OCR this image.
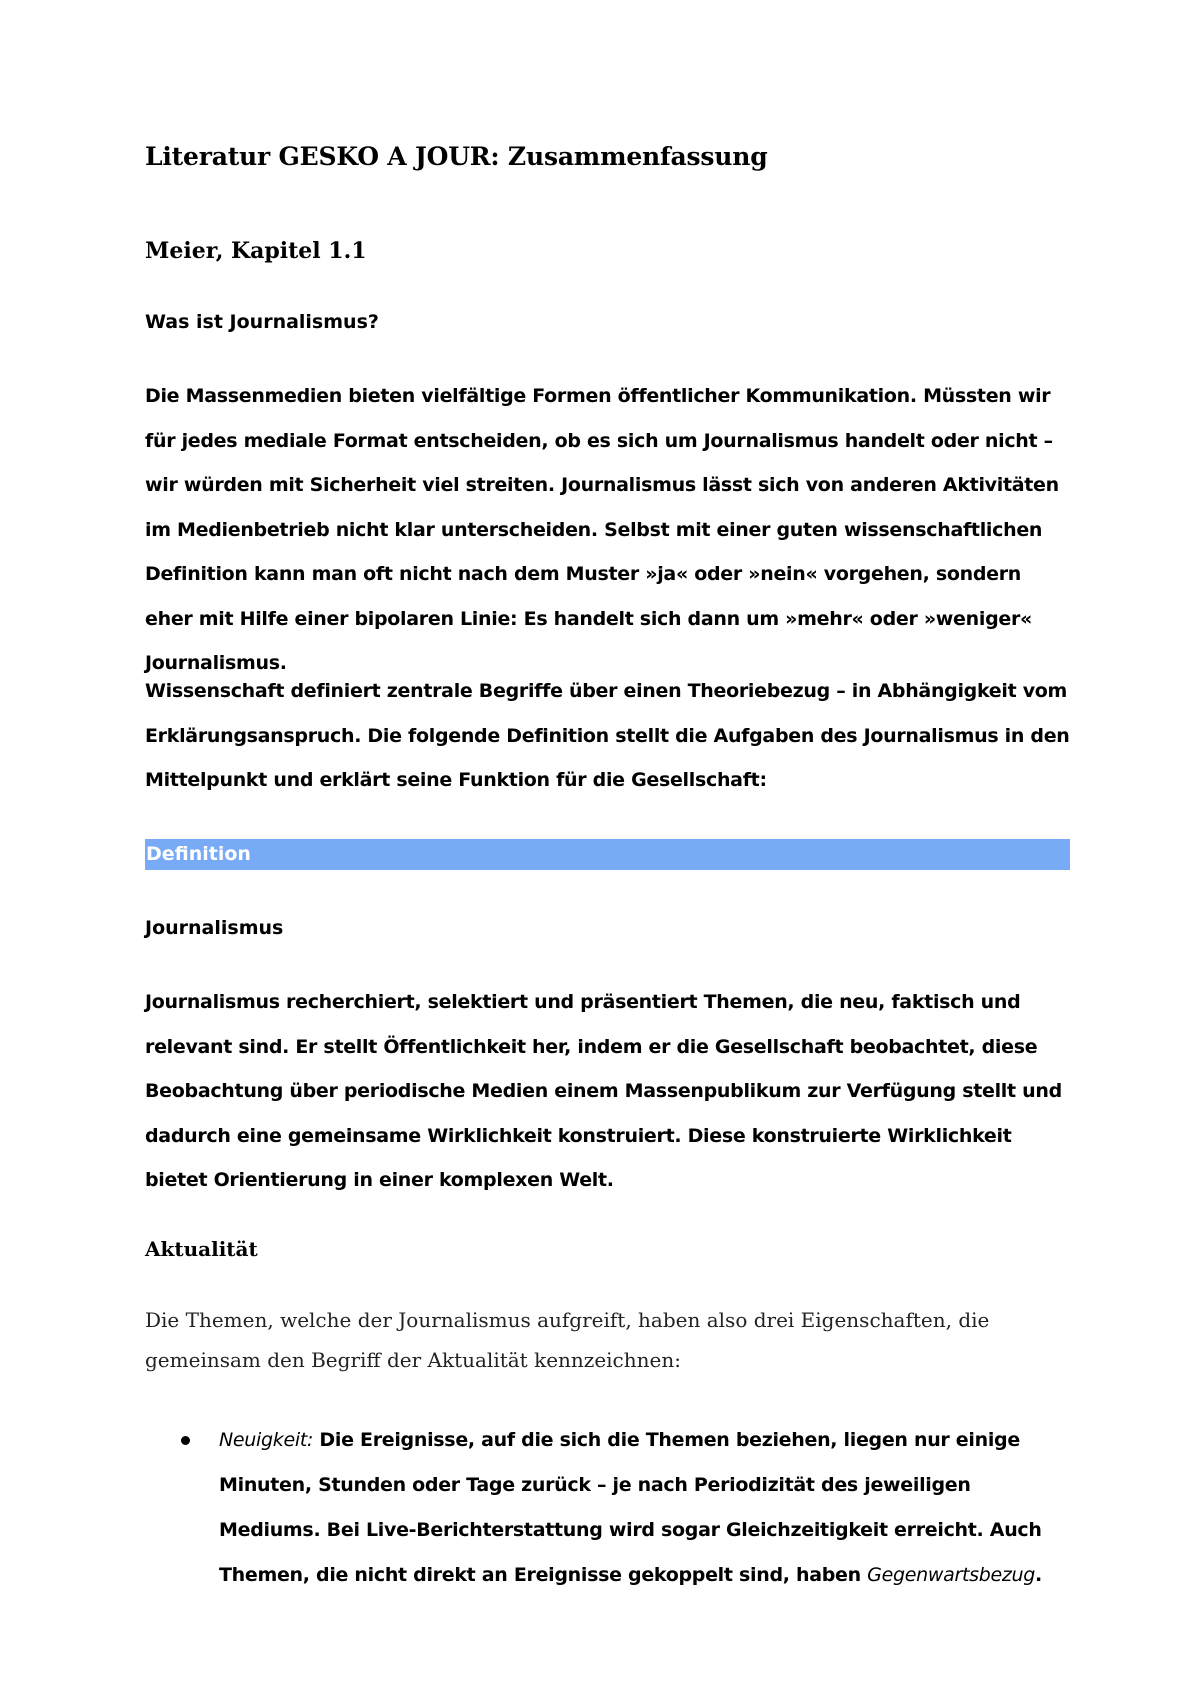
Literatur GESKO A JOUR: Zusammenfassung
Meier, Kapitel 1.1
Was ist Journalismus?

Die Massenmedien bieten vielfältige Formen öffentlicher Kommunikation. Müssten wir für jedes mediale Format entscheiden, ob es sich um Journalismus handelt oder nicht – wir würden mit Sicherheit viel streiten. Journalismus lässt sich von anderen Aktivitäten im Medienbetrieb nicht klar unterscheiden. Selbst mit einer guten wissenschaftlichen Definition kann man oft nicht nach dem Muster »ja« oder »nein« vorgehen, sondern eher mit Hilfe einer bipolaren Linie: Es handelt sich dann um »mehr« oder »weniger« Journalismus.

Wissenschaft definiert zentrale Begriffe über einen Theoriebezug – in Abhängigkeit vom Erklärungsanspruch. Die folgende Definition stellt die Aufgaben des Journalismus in den Mittelpunkt und erklärt seine Funktion für die Gesellschaft:

Definition
Journalismus

Journalismus recherchiert, selektiert und präsentiert Themen, die neu, faktisch und relevant sind. Er stellt Öffentlichkeit her, indem er die Gesellschaft beobachtet, diese Beobachtung über periodische Medien einem Massenpublikum zur Verfügung stellt und dadurch eine gemeinsame Wirklichkeit konstruiert. Diese konstruierte Wirklichkeit bietet Orientierung in einer komplexen Welt.

Aktualität

Die Themen, welche der Journalismus aufgreift, haben also drei Eigenschaften, die gemeinsam den Begriff der Aktualität kennzeichnen:

Neuigkeit: Die Ereignisse, auf die sich die Themen beziehen, liegen nur einige Minuten, Stunden oder Tage zurück – je nach Periodizität des jeweiligen Mediums. Bei Live-Berichterstattung wird sogar Gleichzeitigkeit erreicht. Auch Themen, die nicht direkt an Ereignisse gekoppelt sind, haben Gegenwartsbezug.
